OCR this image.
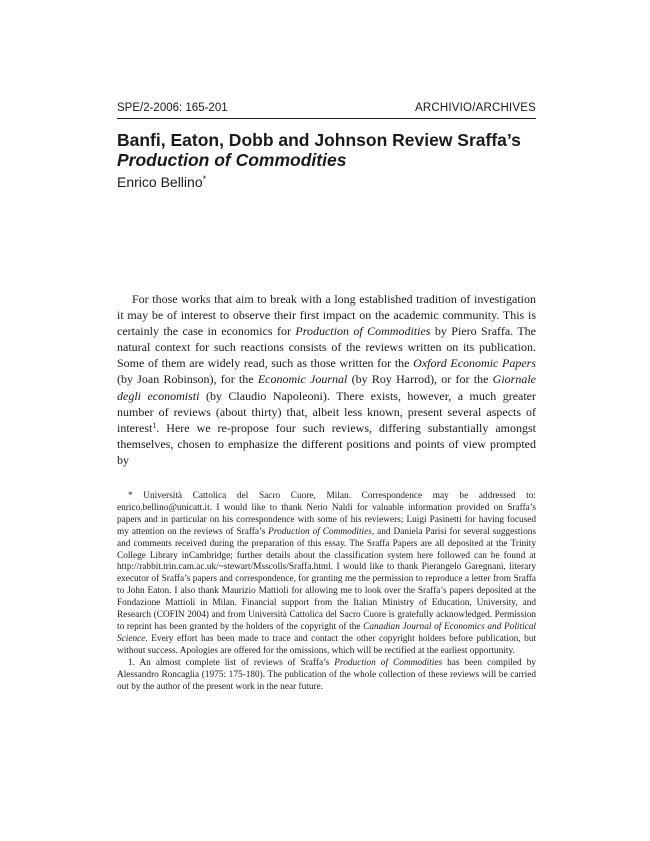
SPE/2-2006: 165-201	ARCHIVIO/ARCHIVES
Banfi, Eaton, Dobb and Johnson Review Sraffa’s
Production of Commodities
Enrico Bellino*

For those works that aim to break with a long established tradition of investigation it may be of interest to observe their first impact on the academic community. This is certainly the case in economics for Production of Commodities by Piero Sraffa. The natural context for such reactions consists of the reviews written on its publication. Some of them are widely read, such as those written for the Oxford Economic Papers (by Joan Robinson), for the Economic Journal (by Roy Harrod), or for the Giornale degli economisti (by Claudio Napoleoni). There exists, however, a much greater number of reviews (about thirty) that, albeit less known, present several aspects of interest$^1$. Here we re-propose four such reviews, differing substantially amongst themselves, chosen to emphasize the different positions and points of view prompted by

* Università Cattolica del Sacro Cuore, Milan. Correspondence may be addressed to: enrico.bellino@unicatt.it. I would like to thank Nerio Naldi for valuable information provided on Sraffa’s papers and in particular on his correspondence with some of his reviewers; Luigi Pasinetti for having focused my attention on the reviews of Sraffa’s Production of Commodities, and Daniela Parisi for several suggestions and comments received during the preparation of this essay. The Sraffa Papers are all deposited at the Trinity College Library inCambridge; further details about the classification system here followed can be found at http://rabbit.trin.cam.ac.uk/~stewart/Msscolls/Sraffa.html. I would like to thank Pierangelo Garegnani, literary executor of Sraffa’s papers and correspondence, for granting me the permission to reproduce a letter from Sraffa to John Eaton. I also thank Maurizio Mattioli for allowing me to look over the Sraffa’s papers deposited at the Fondazione Mattioli in Milan. Financial support from the Italian Ministry of Education, University, and Research (COFIN 2004) and from Università Cattolica del Sacro Cuore is gratefully acknowledged. Permission to reprint has been granted by the holders of the copyright of the Canadian Journal of Economics and Political Science. Every effort has been made to trace and contact the other copyright holders before publication, but without success. Apologies are offered for the omissions, which will be rectified at the earliest opportunity.

1. An almost complete list of reviews of Sraffa’s Production of Commodities has been compiled by Alessandro Roncaglia (1975: 175-180). The publication of the whole collection of these reviews will be carried out by the author of the present work in the near future.
